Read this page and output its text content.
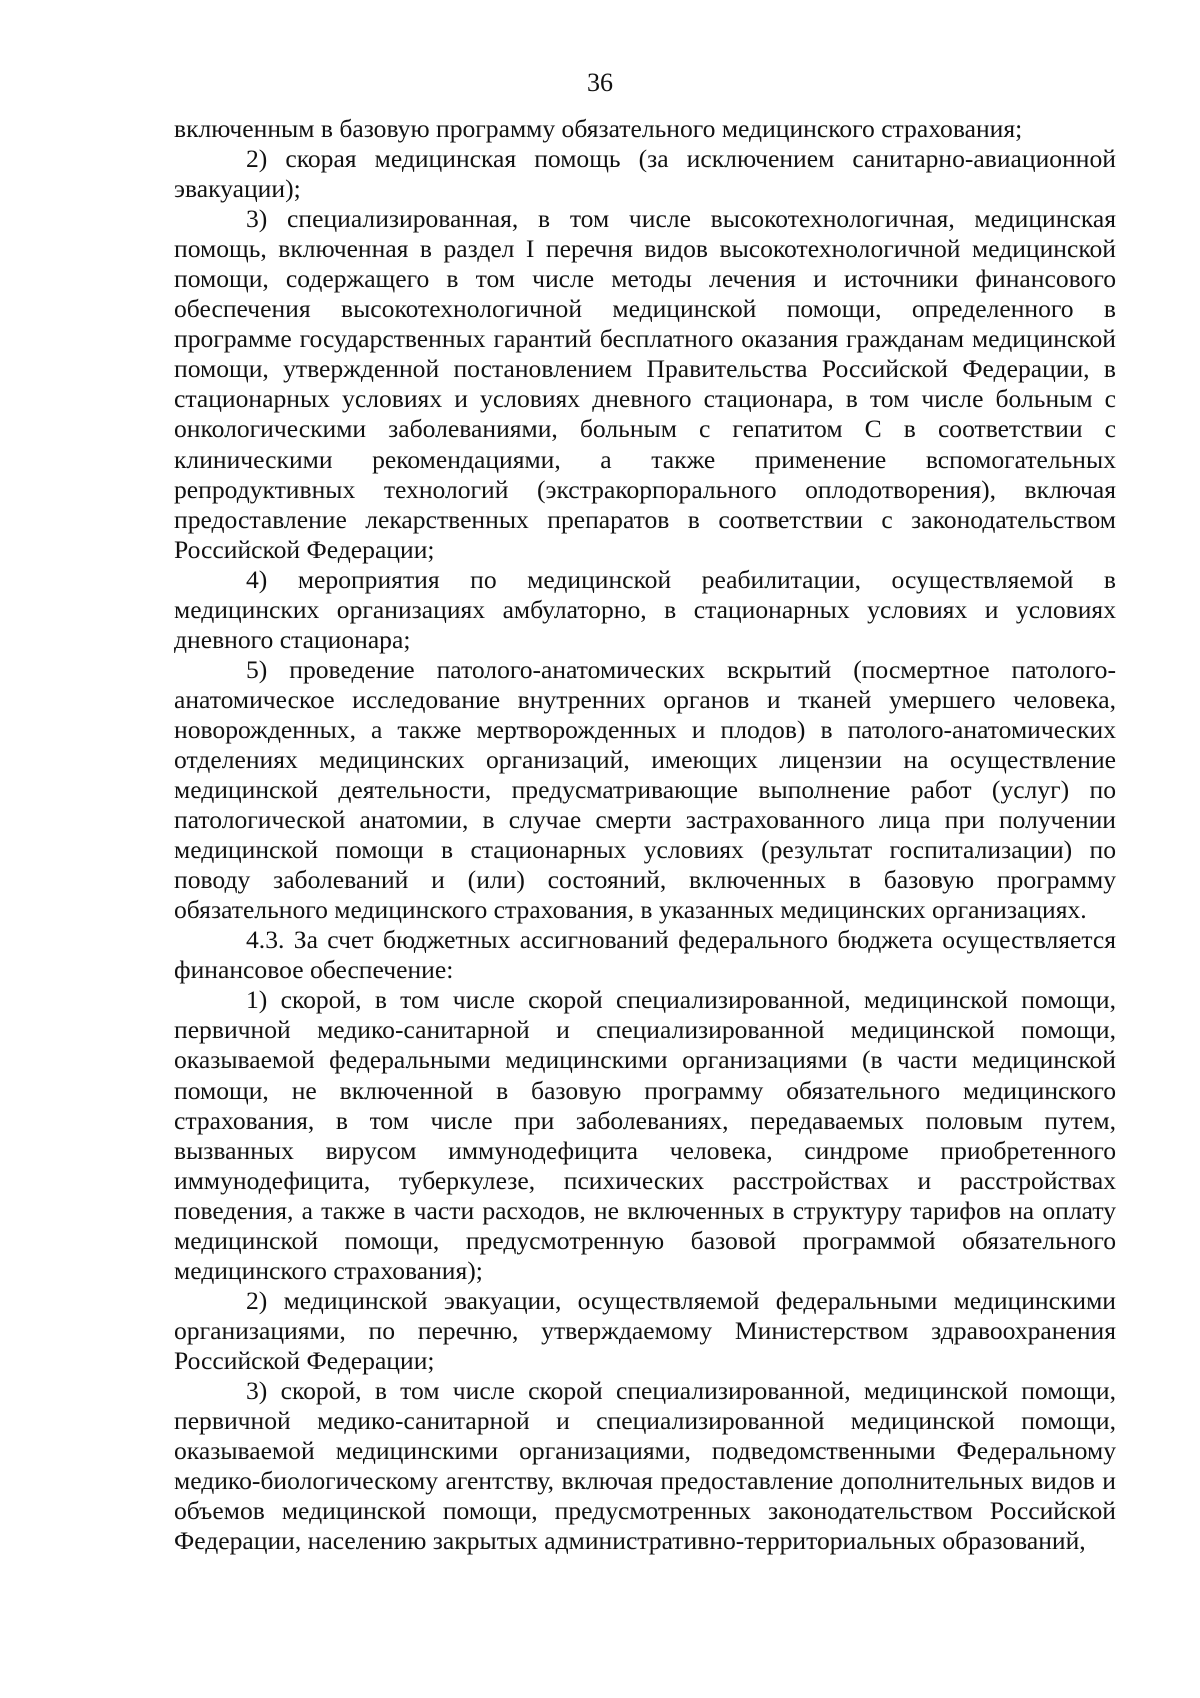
36

включенным в базовую программу обязательного медицинского страхования;

2) скорая медицинская помощь (за исключением санитарно-авиационной эвакуации);

3) специализированная, в том числе высокотехнологичная, медицинская помощь, включенная в раздел I перечня видов высокотехнологичной медицинской помощи, содержащего в том числе методы лечения и источники финансового обеспечения высокотехнологичной медицинской помощи, определенного в программе государственных гарантий бесплатного оказания гражданам медицинской помощи, утвержденной постановлением Правительства Российской Федерации, в стационарных условиях и условиях дневного стационара, в том числе больным с онкологическими заболеваниями, больным с гепатитом С в соответствии с клиническими рекомендациями, а также применение вспомогательных репродуктивных технологий (экстракорпорального оплодотворения), включая предоставление лекарственных препаратов в соответствии с законодательством Российской Федерации;

4) мероприятия по медицинской реабилитации, осуществляемой в медицинских организациях амбулаторно, в стационарных условиях и условиях дневного стационара;

5) проведение патолого-анатомических вскрытий (посмертное патолого-анатомическое исследование внутренних органов и тканей умершего человека, новорожденных, а также мертворожденных и плодов) в патолого-анатомических отделениях медицинских организаций, имеющих лицензии на осуществление медицинской деятельности, предусматривающие выполнение работ (услуг) по патологической анатомии, в случае смерти застрахованного лица при получении медицинской помощи в стационарных условиях (результат госпитализации) по поводу заболеваний и (или) состояний, включенных в базовую программу обязательного медицинского страхования, в указанных медицинских организациях.

4.3. За счет бюджетных ассигнований федерального бюджета осуществляется финансовое обеспечение:

1) скорой, в том числе скорой специализированной, медицинской помощи, первичной медико-санитарной и специализированной медицинской помощи, оказываемой федеральными медицинскими организациями (в части медицинской помощи, не включенной в базовую программу обязательного медицинского страхования, в том числе при заболеваниях, передаваемых половым путем, вызванных вирусом иммунодефицита человека, синдроме приобретенного иммунодефицита, туберкулезе, психических расстройствах и расстройствах поведения, а также в части расходов, не включенных в структуру тарифов на оплату медицинской помощи, предусмотренную базовой программой обязательного медицинского страхования);

2) медицинской эвакуации, осуществляемой федеральными медицинскими организациями, по перечню, утверждаемому Министерством здравоохранения Российской Федерации;

3) скорой, в том числе скорой специализированной, медицинской помощи, первичной медико-санитарной и специализированной медицинской помощи, оказываемой медицинскими организациями, подведомственными Федеральному медико-биологическому агентству, включая предоставление дополнительных видов и объемов медицинской помощи, предусмотренных законодательством Российской Федерации, населению закрытых административно-территориальных образований,
